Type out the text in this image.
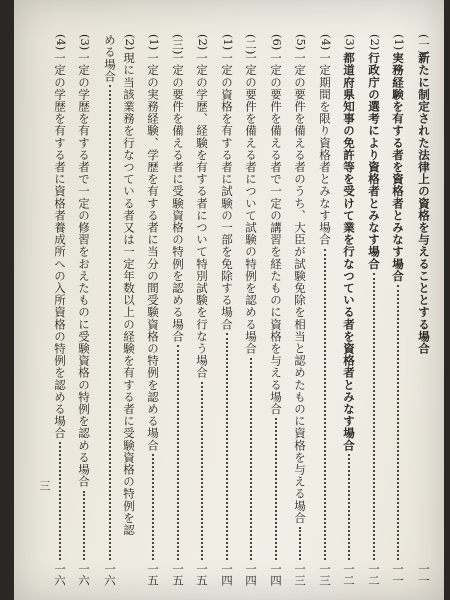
(一)
新たに制定された法律上の資格を与えることとする場合
一一
(1)
実務経験を有する者を資格者とみなす場合
一一
(2)
行政庁の選考により資格者とみなす場合
一二
(3)
都道府県知事の免許等を受けて業を行なつている者を資格者とみなす場合
一二
(4)
一定期間を限り資格者とみなす場合
一三
(5)
一定の要件を備える者のうち、大臣が試験免除を相当と認めたものに資格を与える場合
一三
(6)
一定の要件を備える者で一定の講習を経たものに資格を与える場合
一四
(二)
一定の要件を備える者について試験の特例を認める場合
一四
(1)
一定の資格を有する者に試験の一部を免除する場合
一四
(2)
一定の学歴、経験を有する者について特別試験を行なう場合
一五
(三)
一定の要件を備える者に受験資格の特例を認める場合
一五
(1)
一定の実務経験、学歴を有する者に当分の間受験資格の特例を認める場合
一五
(2)
現に当該業務を行なつている者又は一定年数以上の経験を有する者に受験資格の特例を認
める場合
一六
(3)
一定の学歴を有する者で一定の修習をおえたものに受験資格の特例を認める場合
一六
(4)
一定の学歴を有する者に資格者養成所への入所資格の特例を認める場合
一六
三
